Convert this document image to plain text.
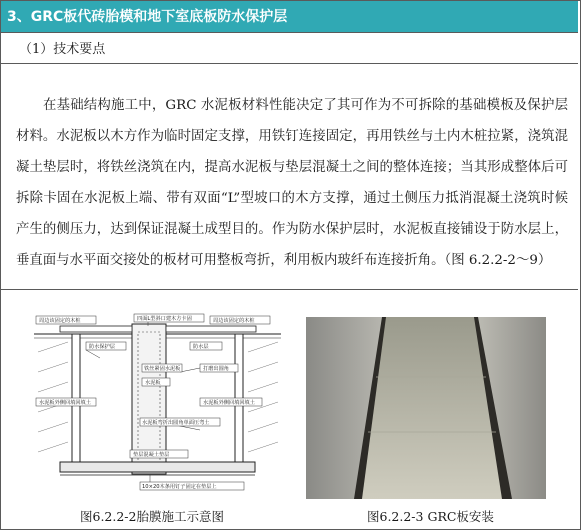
3、GRC板代砖胎模和地下室底板防水保护层
（1）技术要点

在基础结构施工中，GRC 水泥板材料性能决定了其可作为不可拆除的基础模板及保护层材料。水泥板以木方作为临时固定支撑，用铁钉连接固定，再用铁丝与土内木桩拉紧，浇筑混凝土垫层时，将铁丝浇筑在内，提高水泥板与垫层混凝土之间的整体连接；当其形成整体后可拆除卡固在水泥板上端、带有双面“L”型坡口的木方支撑，通过土侧压力抵消混凝土浇筑时候产生的侧压力，达到保证混凝土成型目的。作为防水保护层时，水泥板直接铺设于防水层上，垂直面与水平面交接处的板材可用整板弯折，利用板内玻纤布连接折角。（图 6.2.2-2～9）

四面L型斜口建木方卡固
周边该固定的木桩	周边该固定的木桩
防水保护层	防水层
铁丝紧固水泥板	打磨出圆角
水泥板
水泥板外侧回填回填土	水泥板外侧回填回填土
水泥板弯折出圆角单面压弯土
垫层混凝土垫层
10×20木条用钉子固定在垫层上
图6.2.2-2胎膜施工示意图	图6.2.2-3 GRC板安装
